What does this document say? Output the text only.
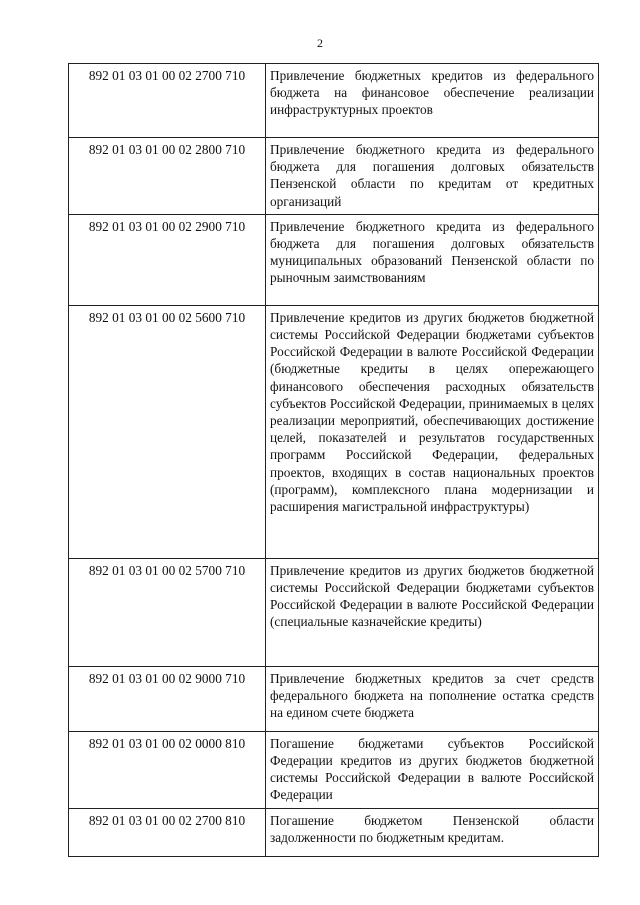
2
892 01 03 01 00 02 2700 710	Привлечение бюджетных кредитов из федерального бюджета на финансовое обеспечение реализации инфраструктурных проектов
892 01 03 01 00 02 2800 710	Привлечение бюджетного кредита из федерального бюджета для погашения долговых обязательств Пензенской области по кредитам от кредитных организаций
892 01 03 01 00 02 2900 710	Привлечение бюджетного кредита из федерального бюджета для погашения долговых обязательств муниципальных образований Пензенской области по рыночным заимствованиям
892 01 03 01 00 02 5600 710	Привлечение кредитов из других бюджетов бюджетной системы Российской Федерации бюджетами субъектов Российской Федерации в валюте Российской Федерации (бюджетные кредиты в целях опережающего финансового обеспечения расходных обязательств субъектов Российской Федерации, принимаемых в целях реализации мероприятий, обеспечивающих достижение целей, показателей и результатов государственных программ Российской Федерации, федеральных проектов, входящих в состав национальных проектов (программ), комплексного плана модернизации и расширения магистральной инфраструктуры)
892 01 03 01 00 02 5700 710	Привлечение кредитов из других бюджетов бюджетной системы Российской Федерации бюджетами субъектов Российской Федерации в валюте Российской Федерации (специальные казначейские кредиты)
892 01 03 01 00 02 9000 710	Привлечение бюджетных кредитов за счет средств федерального бюджета на пополнение остатка средств на едином счете бюджета
892 01 03 01 00 02 0000 810	Погашение бюджетами субъектов Российской Федерации кредитов из других бюджетов бюджетной системы Российской Федерации в валюте Российской Федерации
892 01 03 01 00 02 2700 810	Погашение бюджетом Пензенской области задолженности по бюджетным кредитам.
